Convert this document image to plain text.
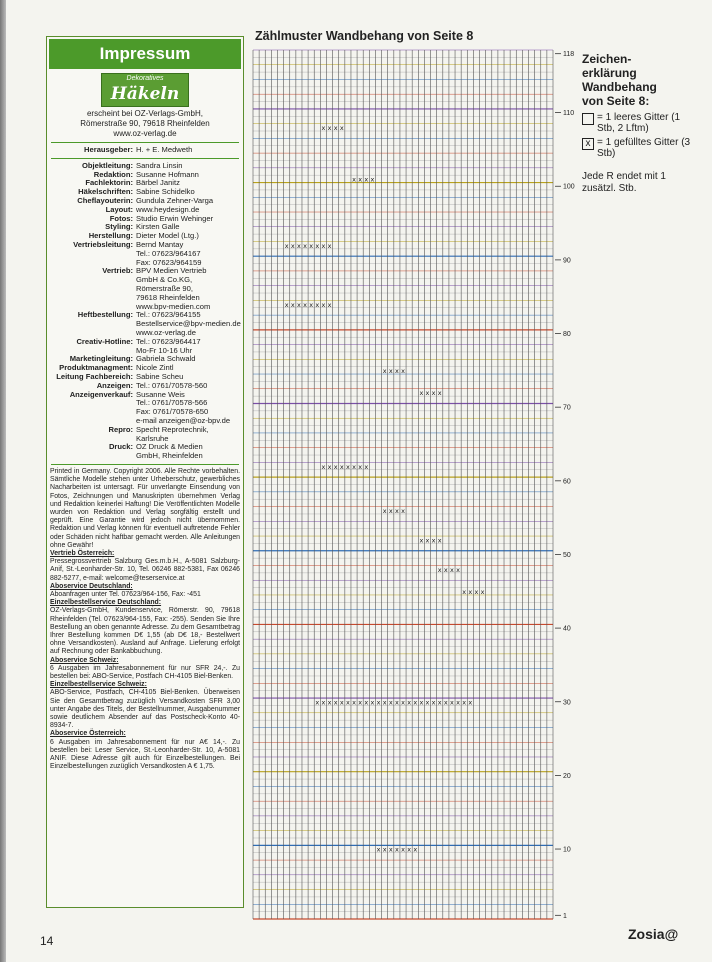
Impressum
Dekoratives
Häkeln
erscheint bei OZ-Verlags-GmbH,
Römerstraße 90, 79618 Rheinfelden
www.oz-verlag.de
Herausgeber: H. + E. Medweth
Objektleitung: Sandra Linsin
Redaktion: Susanne Hofmann
Fachlektorin: Bärbel Janitz
Häkelschriften: Sabine Schidelko
Cheflayouterin: Gundula Zehner-Varga
Layout: www.heydesign.de
Fotos: Studio Erwin Wehinger
Styling: Kirsten Galle
Herstellung: Dieter Model (Ltg.)
Vertriebsleitung: Bernd Mantay
Tel.: 07623/964167
Fax: 07623/964159
Vertrieb: BPV Medien Vertrieb
GmbH & Co.KG,
Römerstraße 90,
79618 Rheinfelden
www.bpv-medien.com
Heftbestellung: Tel.: 07623/964155
Bestellservice@bpv-medien.de
www.oz-verlag.de
Creativ-Hotline: Tel.: 07623/964417
Mo-Fr 10-16 Uhr
Marketingleitung: Gabriela Schwald
Produktmanagment: Nicole Zintl
Leitung Fachbereich: Sabine Scheu
Anzeigen: Tel.: 0761/70578-560
Anzeigenverkauf: Susanne Weis
Tel.: 0761/70578-566
Fax: 0761/70578-650
e-mail anzeigen@oz-bpv.de
Repro: Specht Reprotechnik,
Karlsruhe
Druck: OZ Druck & Medien
GmbH, Rheinfelden
Printed in Germany. Copyright 2006. Alle Rechte vorbehalten. Sämtliche Modelle stehen unter Urheberschutz, gewerbliches Nacharbeiten ist untersagt. Für unverlangte Einsendung von Fotos, Zeichnungen und Manuskripten übernehmen Verlag und Redaktion keinerlei Haftung! Die Veröffentlichten Modelle wurden von Redaktion und Verlag sorgfältig erstellt und geprüft. Eine Garantie wird jedoch nicht übernommen. Redaktion und Verlag können für eventuell auftretende Fehler oder Schäden nicht haftbar gemacht werden. Alle Anleitungen ohne Gewähr!
Vertrieb Österreich:
Pressegrossvertrieb Salzburg Ges.m.b.H., A-5081 Salzburg-Anif, St.-Leonharder-Str. 10, Tel. 06246 882-5381, Fax 06246 882-5277, e-mail: welcome@teserservice.at
Aboservice Deutschland:
Aboanfragen unter Tel. 07623/964-156, Fax: -451
Einzelbestellservice Deutschland:
OZ-Verlags-GmbH, Kundenservice, Römerstr. 90, 79618 Rheinfelden (Tel. 07623/964-155, Fax: -255). Senden Sie Ihre Bestellung an oben genannte Adresse. Zu dem Gesamtbetrag Ihrer Bestellung kommen D€ 1,55 (ab D€ 18,- Bestellwert ohne Versandkosten). Ausland auf Anfrage. Lieferung erfolgt auf Rechnung oder Bankabbuchung.
Aboservice Schweiz:
6 Ausgaben im Jahresabonnement für nur SFR 24,-. Zu bestellen bei: ABO-Service, Postfach CH-4105 Biel-Benken.
Einzelbestellservice Schweiz:
ABO-Service, Postfach, CH-4105 Biel-Benken. Überweisen Sie den Gesamtbetrag zuzüglich Versandkosten SFR 3,00 unter Angabe des Titels, der Bestellnummer, Ausgabenummer sowie deutlichem Absender auf das Postscheck-Konto 40-8934-7.
Aboservice Österreich:
6 Ausgaben im Jahresabonnement für nur A€ 14,-. Zu bestellen bei: Leser Service, St.-Leonharder-Str. 10, A-5081 ANIF. Diese Adresse gilt auch für Einzelbestellungen. Bei Einzelbestellungen zuzüglich Versandkosten A € 1,75.
14
Zählmuster Wandbehang von Seite 8
x x x x x x x
x x x x x x x x x x x x x x x x x x x x x x x x x x
x x x x
x x x x
x x x x
x x x x
x x x x x x x x
x x x x
x x x x
x x x x x x x x
x x x x x x x x
x x x x
x x x x
1
10
20
30
40
50
60
70
80
90
100
110
118 Zeichen-erklärung Wandbehang von Seite 8:
= 1 leeres Gitter (1 Stb, 2 Lftm)
x = 1 gefülltes Gitter (3 Stb)
Jede R endet mit 1 zusätzl. Stb.
Zosia@
